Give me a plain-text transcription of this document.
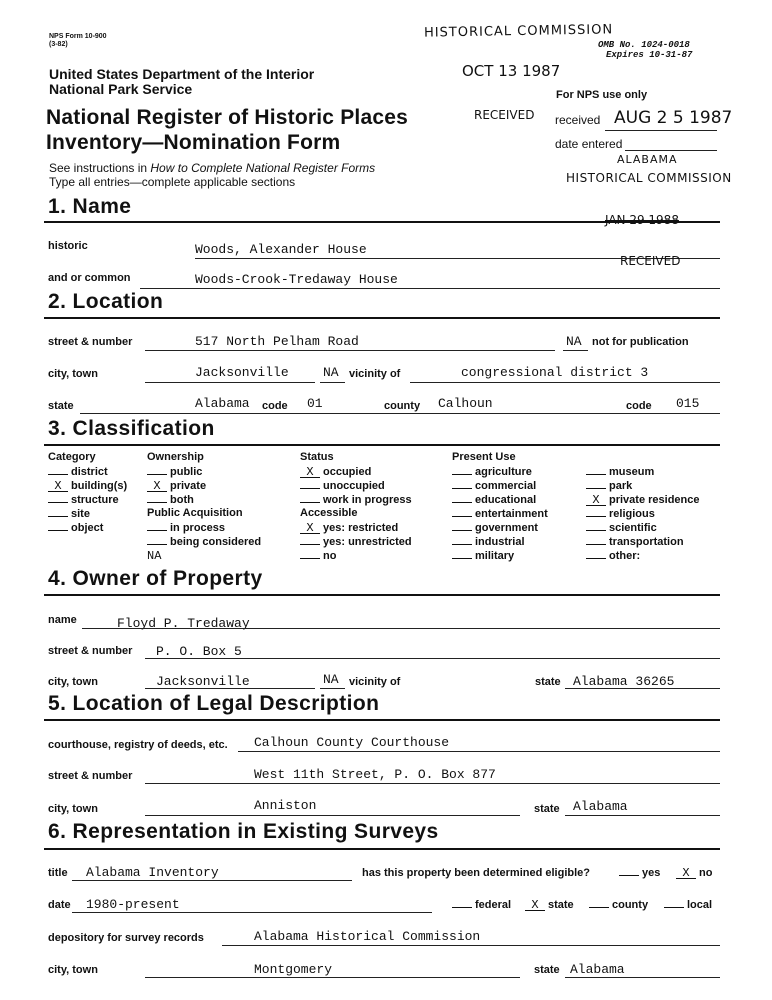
NPS Form 10-900
(3-82)
HISTORICAL COMMISSION
OMB No. 1024-0018
Expires 10-31-87
United States Department of the Interior
National Park Service
OCT 13 1987
For NPS use only
National Register of Historic Places
Inventory—Nomination Form
RECEIVED received AUG 2 5 1987
date entered
See instructions in How to Complete National Register Forms
Type all entries—complete applicable sections
ALABAMA
HISTORICAL COMMISSION
1. Name
JAN 29 1988
historic	Woods, Alexander House
RECEIVED
and or common	Woods-Crook-Tredaway House
2. Location
street & number	517 North Pelham Road	NA not for publication
city, town	Jacksonville	NA vicinity of	congressional district 3
state	Alabama code 01	county Calhoun	code 015
3. Classification
Category
district
X building(s)
structure
site
object
Ownership
public
X private
both
Public Acquisition
in process
being considered
NA
Status
X occupied
unoccupied
work in progress
Accessible
X yes: restricted
yes: unrestricted
no
Present Use
agriculture
commercial
educational
entertainment
government
industrial
military
museum
park
X private residence
religious
scientific
transportation
other:
4. Owner of Property
name	Floyd P. Tredaway
street & number P. O. Box 5
city, town	Jacksonville	NA vicinity of	state Alabama 36265
5. Location of Legal Description
courthouse, registry of deeds, etc. Calhoun County Courthouse
street & number	West 11th Street, P. O. Box 877
city, town	Anniston	state Alabama
6. Representation in Existing Surveys
title Alabama Inventory	has this property been determined eligible?	yes	X no
date 1980-present	federal	X state	county	local
depository for survey records	Alabama Historical Commission
city, town	Montgomery	state Alabama
